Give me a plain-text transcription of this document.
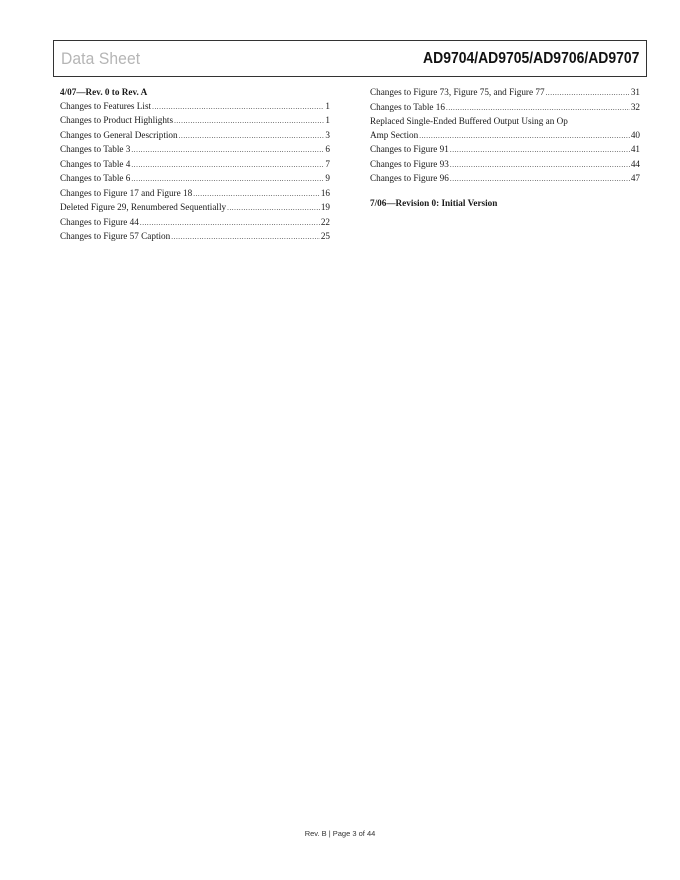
Data Sheet	AD9704/AD9705/AD9706/AD9707
4/07—Rev. 0 to Rev. A
Changes to Features List .....	1
Changes to Product Highlights .....	1
Changes to General Description .....	3
Changes to Table 3 .....	6
Changes to Table 4 .....	7
Changes to Table 6 .....	9
Changes to Figure 17 and Figure 18 .....	16
Deleted Figure 29, Renumbered Sequentially .....	19
Changes to Figure 44 .....	22
Changes to Figure 57 Caption .....	25
Changes to Figure 73, Figure 75, and Figure 77 .....	31
Changes to Table 16 .....	32
Replaced Single-Ended Buffered Output Using an Op
Amp Section .....	40
Changes to Figure 91 .....	41
Changes to Figure 93 .....	44
Changes to Figure 96 .....	47
7/06—Revision 0: Initial Version
Rev. B | Page 3 of 44
